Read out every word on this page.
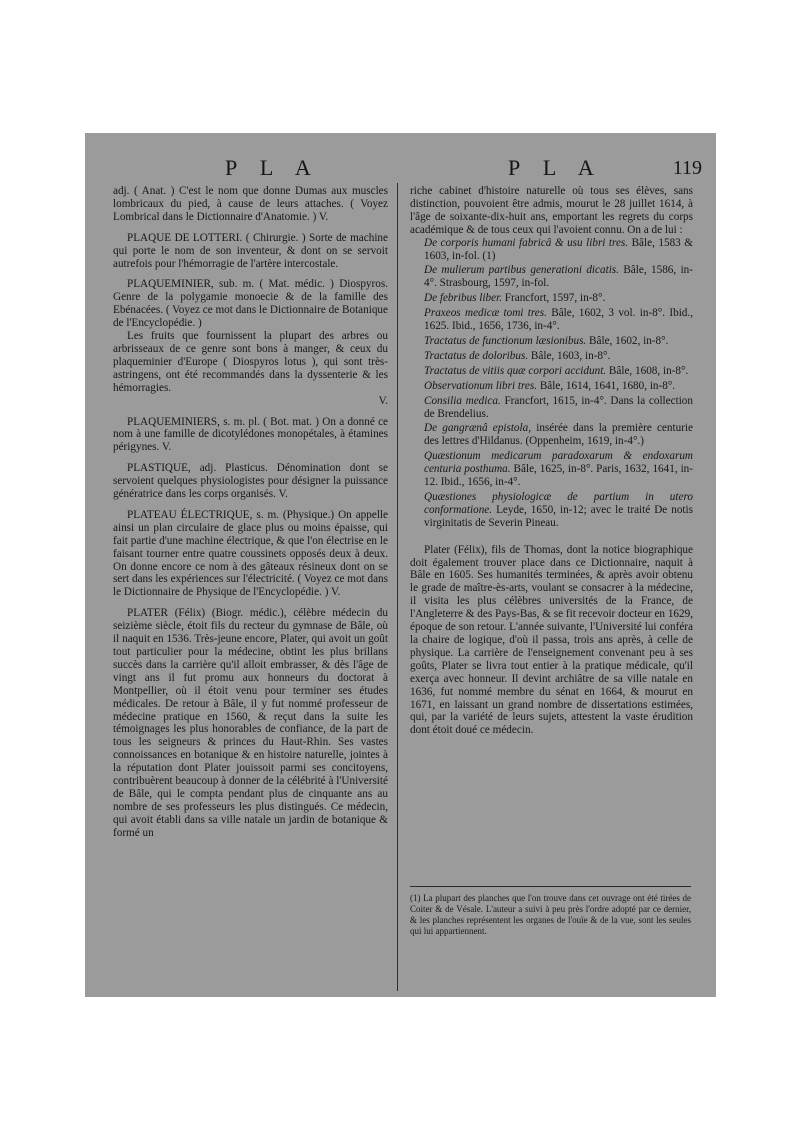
P L A	P L A	119

adj. ( Anat. ) C'est le nom que donne Dumas aux muscles lombricaux du pied, à cause de leurs attaches. ( Voyez Lombrical dans le Dictionnaire d'Anatomie. ) V.

PLAQUE DE LOTTERI. ( Chirurgie. ) Sorte de machine qui porte le nom de son inventeur, & dont on se servoit autrefois pour l'hémorragie de l'artère intercostale.

PLAQUEMINIER, sub. m. ( Mat. médic. ) Diospyros. Genre de la polygamie monoecie & de la famille des Ebénacées. ( Voyez ce mot dans le Dictionnaire de Botanique de l'Encyclopédie. )

Les fruits que fournissent la plupart des arbres ou arbrisseaux de ce genre sont bons à manger, & ceux du plaqueminier d'Europe ( Diospyros lotus ), qui sont très-astringens, ont été recommandés dans la dyssenterie & les hémorragies.

V.

PLAQUEMINIERS, s. m. pl. ( Bot. mat. ) On a donné ce nom à une famille de dicotylédones monopétales, à étamines périgynes. V.

PLASTIQUE, adj. Plasticus. Dénomination dont se servoient quelques physiologistes pour désigner la puissance génératrice dans les corps organisés. V.

PLATEAU ÉLECTRIQUE, s. m. (Physique.) On appelle ainsi un plan circulaire de glace plus ou moins épaisse, qui fait partie d'une machine électrique, & que l'on électrise en le faisant tourner entre quatre coussinets opposés deux à deux. On donne encore ce nom à des gâteaux résineux dont on se sert dans les expériences sur l'électricité. ( Voyez ce mot dans le Dictionnaire de Physique de l'Encyclopédie. ) V.

PLATER (Félix) (Biogr. médic.), célèbre médecin du seizième siècle, étoit fils du recteur du gymnase de Bâle, où il naquit en 1536. Très-jeune encore, Plater, qui avoit un goût tout particulier pour la médecine, obtint les plus brillans succès dans la carrière qu'il alloit embrasser, & dès l'âge de vingt ans il fut promu aux honneurs du doctorat à Montpellier, où il étoit venu pour terminer ses études médicales. De retour à Bâle, il y fut nommé professeur de médecine pratique en 1560, & reçut dans la suite les témoignages les plus honorables de confiance, de la part de tous les seigneurs & princes du Haut-Rhin. Ses vastes connoissances en botanique & en histoire naturelle, jointes à la réputation dont Plater jouissoit parmi ses concitoyens, contribuèrent beaucoup à donner de la célébrité à l'Université de Bâle, qui le compta pendant plus de cinquante ans au nombre de ses professeurs les plus distingués. Ce médecin, qui avoit établi dans sa ville natale un jardin de botanique & formé un

riche cabinet d'histoire naturelle où tous ses élèves, sans distinction, pouvoient être admis, mourut le 28 juillet 1614, à l'âge de soixante-dix-huit ans, emportant les regrets du corps académique & de tous ceux qui l'avoient connu. On a de lui :

De corporis humani fabricâ & usu libri tres. Bâle, 1583 & 1603, in-fol. (1)

De mulierum partibus generationi dicatis. Bâle, 1586, in-4°. Strasbourg, 1597, in-fol.

De febribus liber. Francfort, 1597, in-8°.

Praxeos medicæ tomi tres. Bâle, 1602, 3 vol. in-8°. Ibid., 1625. Ibid., 1656, 1736, in-4°.

Tractatus de functionum læsionibus. Bâle, 1602, in-8°.

Tractatus de doloribus. Bâle, 1603, in-8°.

Tractatus de vitiis quæ corpori accidunt. Bâle, 1608, in-8°.

Observationum libri tres. Bâle, 1614, 1641, 1680, in-8°.

Consilia medica. Francfort, 1615, in-4°. Dans la collection de Brendelius.

De gangrænâ epistola, insérée dans la première centurie des lettres d'Hildanus. (Oppenheim, 1619, in-4°.)

Quæstionum medicarum paradoxarum & endoxarum centuria posthuma. Bâle, 1625, in-8°. Paris, 1632, 1641, in-12. Ibid., 1656, in-4°.

Quæstiones physiologicæ de partium in utero conformatione. Leyde, 1650, in-12; avec le traité De notis virginitatis de Severin Pineau.

Plater (Félix), fils de Thomas, dont la notice biographique doit également trouver place dans ce Dictionnaire, naquit à Bâle en 1605. Ses humanités terminées, & après avoir obtenu le grade de maître-ès-arts, voulant se consacrer à la médecine, il visita les plus célèbres universités de la France, de l'Angleterre & des Pays-Bas, & se fit recevoir docteur en 1629, époque de son retour. L'année suivante, l'Université lui conféra la chaire de logique, d'où il passa, trois ans après, à celle de physique. La carrière de l'enseignement convenant peu à ses goûts, Plater se livra tout entier à la pratique médicale, qu'il exerça avec honneur. Il devint archiâtre de sa ville natale en 1636, fut nommé membre du sénat en 1664, & mourut en 1671, en laissant un grand nombre de dissertations estimées, qui, par la variété de leurs sujets, attestent la vaste érudition dont étoit doué ce médecin.

(1) La plupart des planches que l'on trouve dans cet ouvrage ont été tirées de Coiter & de Vésale. L'auteur a suivi à peu près l'ordre adopté par ce dernier, & les planches représentent les organes de l'ouïe & de la vue, sont les seules qui lui appartiennent.
